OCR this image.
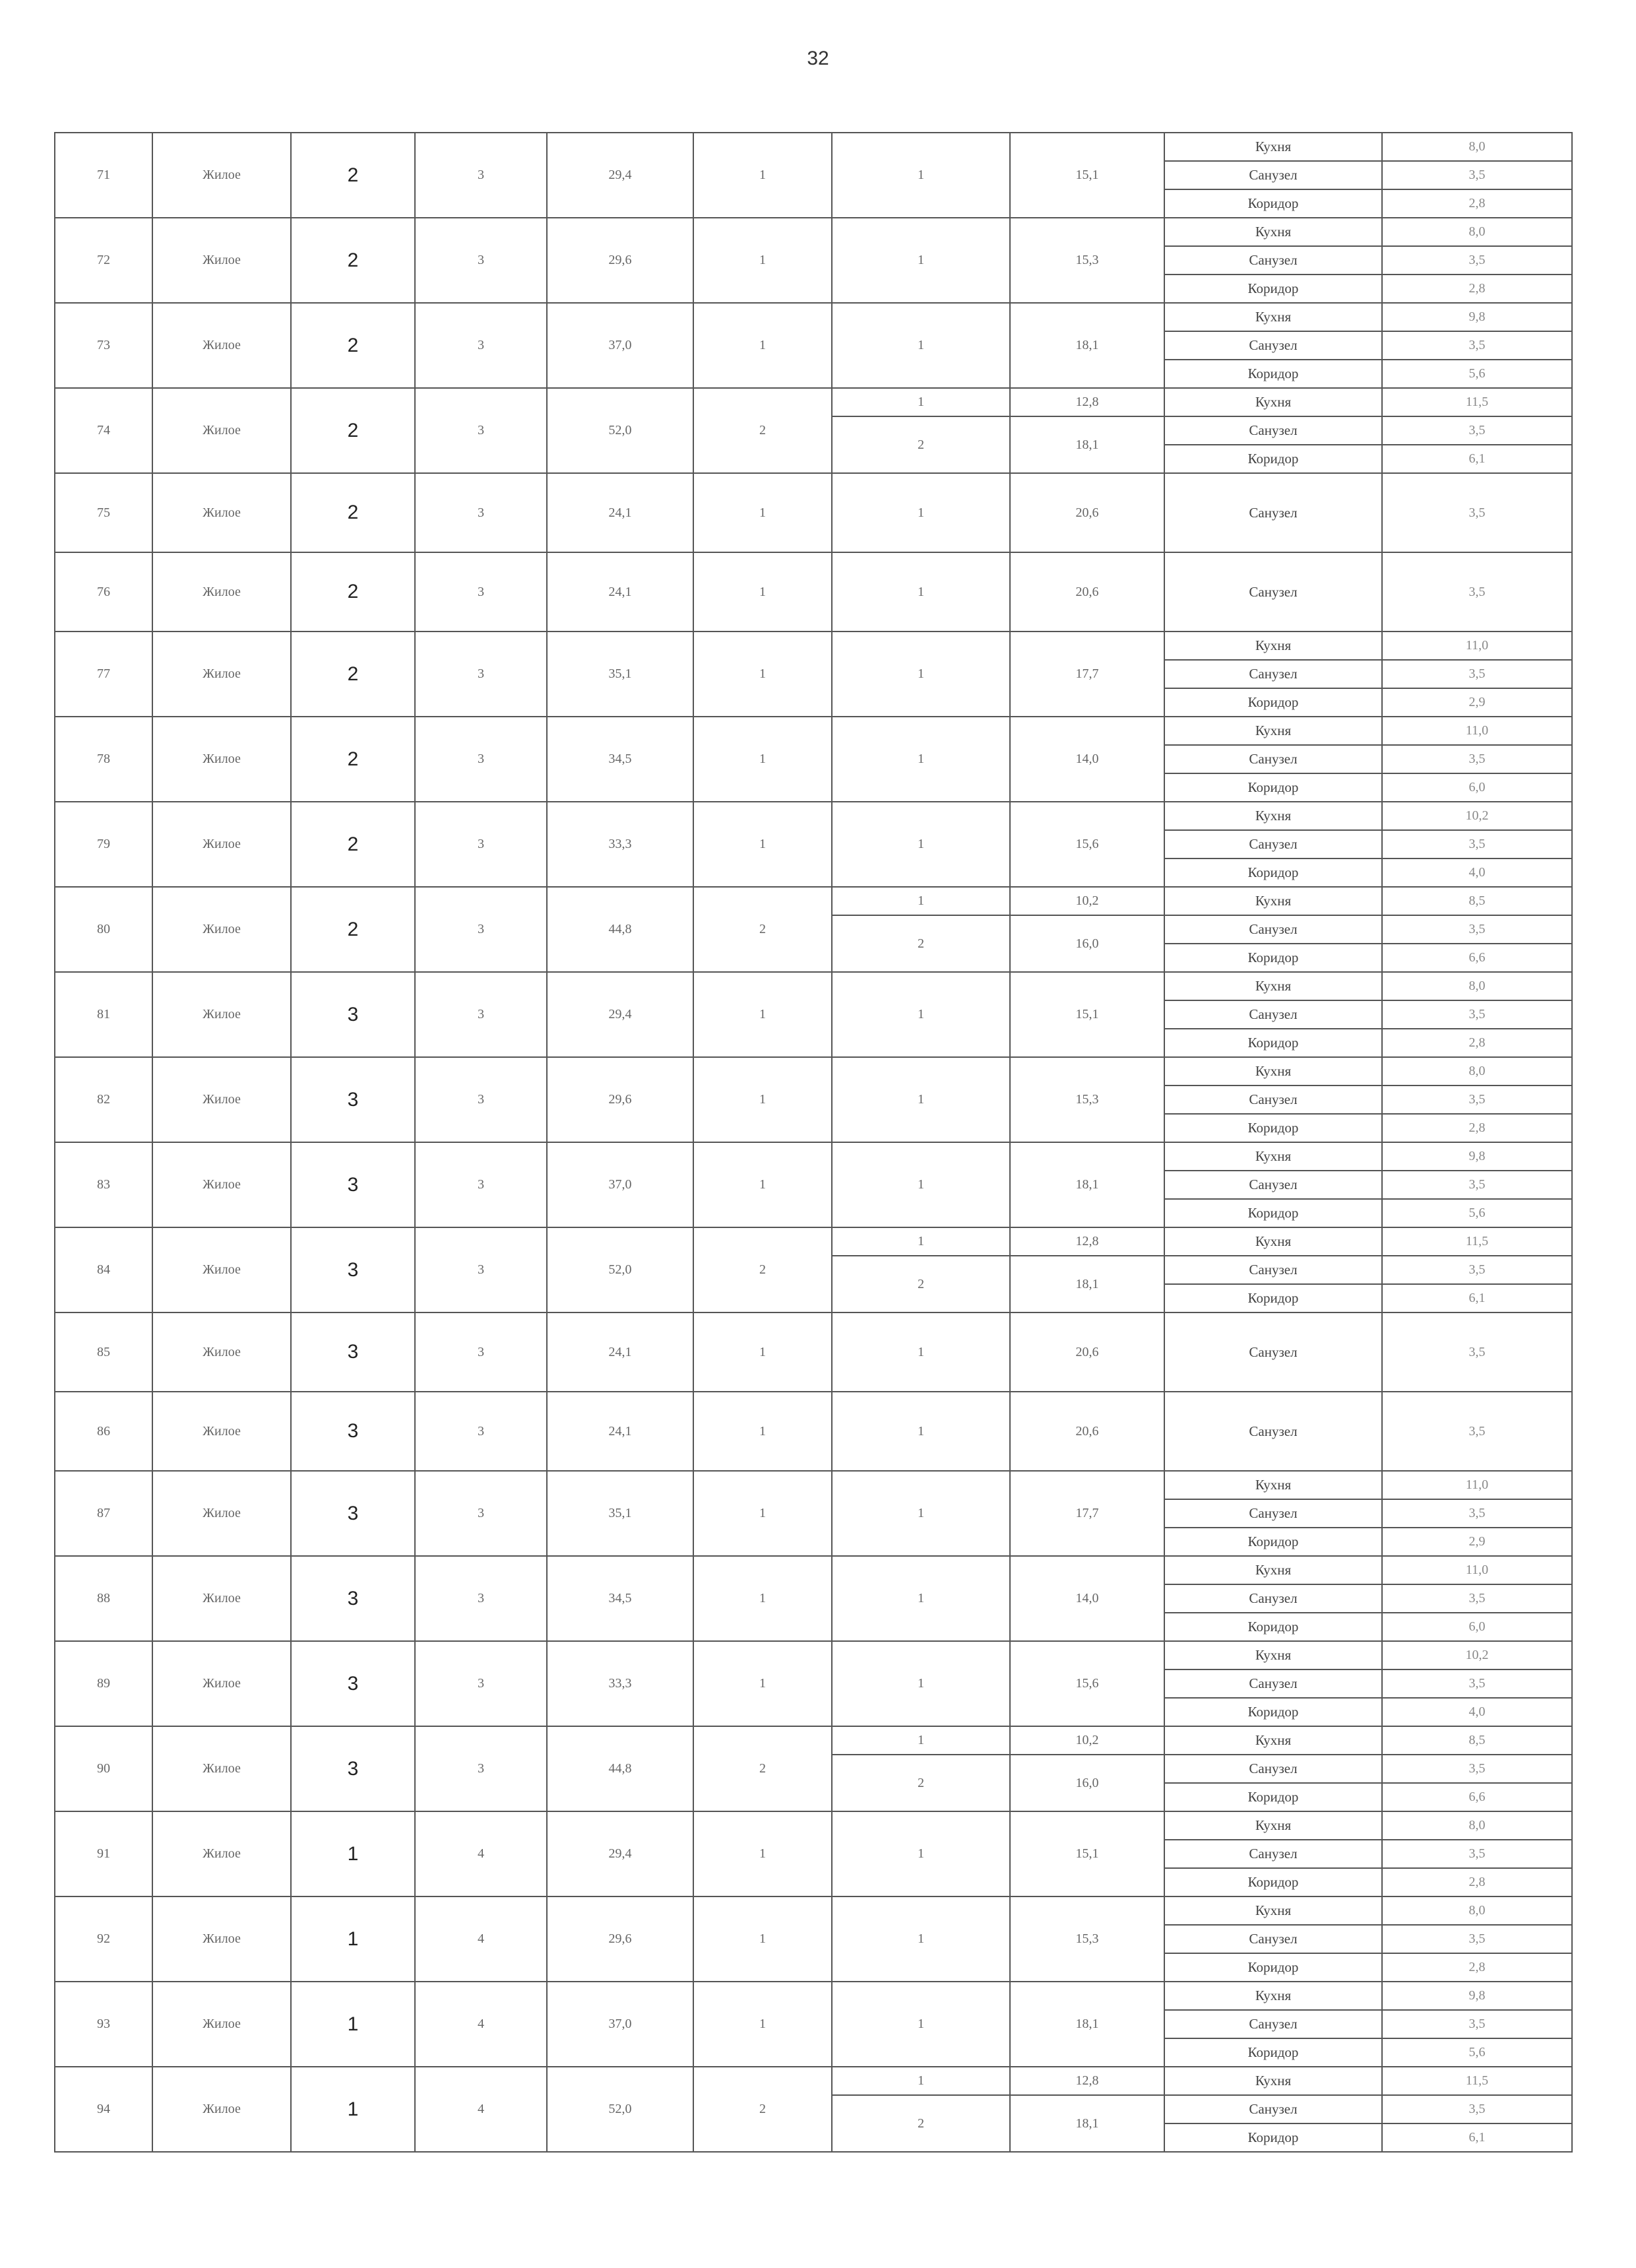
32
71	Жилое	2	3	29,4	1	1	15,1	Кухня	8,0
								Санузел	3,5
								Коридор	2,8
72	Жилое	2	3	29,6	1	1	15,3	Кухня	8,0
								Санузел	3,5
								Коридор	2,8
73	Жилое	2	3	37,0	1	1	18,1	Кухня	9,8
								Санузел	3,5
								Коридор	5,6
74	Жилое	2	3	52,0	2	1	12,8	Кухня	11,5
						2	18,1	Санузел	3,5
								Коридор	6,1
75	Жилое	2	3	24,1	1	1	20,6	Санузел	3,5
76	Жилое	2	3	24,1	1	1	20,6	Санузел	3,5
77	Жилое	2	3	35,1	1	1	17,7	Кухня	11,0
								Санузел	3,5
								Коридор	2,9
78	Жилое	2	3	34,5	1	1	14,0	Кухня	11,0
								Санузел	3,5
								Коридор	6,0
79	Жилое	2	3	33,3	1	1	15,6	Кухня	10,2
								Санузел	3,5
								Коридор	4,0
80	Жилое	2	3	44,8	2	1	10,2	Кухня	8,5
						2	16,0	Санузел	3,5
								Коридор	6,6
81	Жилое	3	3	29,4	1	1	15,1	Кухня	8,0
								Санузел	3,5
								Коридор	2,8
82	Жилое	3	3	29,6	1	1	15,3	Кухня	8,0
								Санузел	3,5
								Коридор	2,8
83	Жилое	3	3	37,0	1	1	18,1	Кухня	9,8
								Санузел	3,5
								Коридор	5,6
84	Жилое	3	3	52,0	2	1	12,8	Кухня	11,5
						2	18,1	Санузел	3,5
								Коридор	6,1
85	Жилое	3	3	24,1	1	1	20,6	Санузел	3,5
86	Жилое	3	3	24,1	1	1	20,6	Санузел	3,5
87	Жилое	3	3	35,1	1	1	17,7	Кухня	11,0
								Санузел	3,5
								Коридор	2,9
88	Жилое	3	3	34,5	1	1	14,0	Кухня	11,0
								Санузел	3,5
								Коридор	6,0
89	Жилое	3	3	33,3	1	1	15,6	Кухня	10,2
								Санузел	3,5
								Коридор	4,0
90	Жилое	3	3	44,8	2	1	10,2	Кухня	8,5
						2	16,0	Санузел	3,5
								Коридор	6,6
91	Жилое	1	4	29,4	1	1	15,1	Кухня	8,0
								Санузел	3,5
								Коридор	2,8
92	Жилое	1	4	29,6	1	1	15,3	Кухня	8,0
								Санузел	3,5
								Коридор	2,8
93	Жилое	1	4	37,0	1	1	18,1	Кухня	9,8
								Санузел	3,5
								Коридор	5,6
94	Жилое	1	4	52,0	2	1	12,8	Кухня	11,5
						2	18,1	Санузел	3,5
								Коридор	6,1
